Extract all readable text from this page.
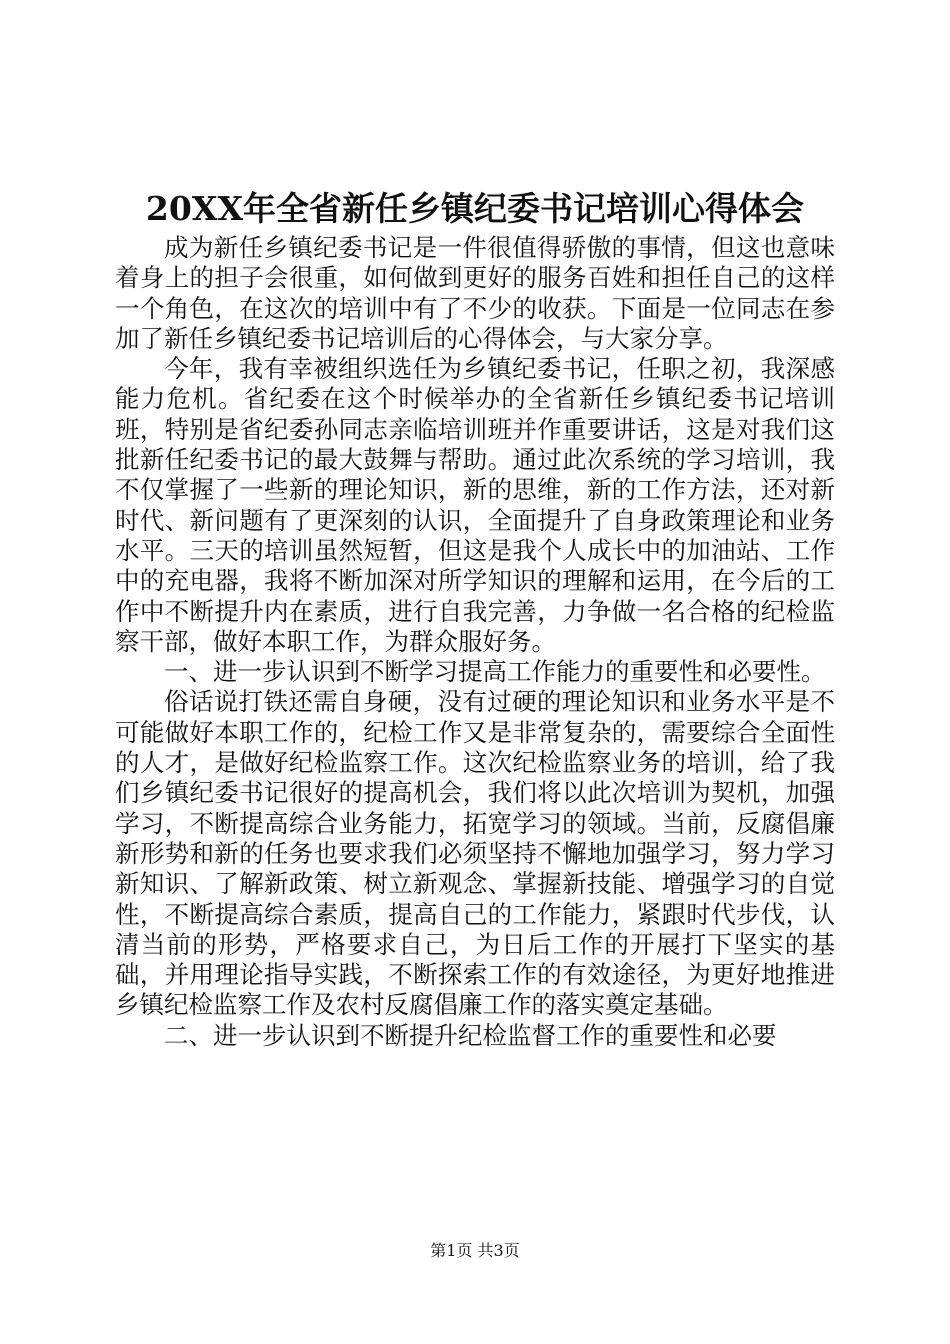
20XX年全省新任乡镇纪委书记培训心得体会

成为新任乡镇纪委书记是一件很值得骄傲的事情，但这也意味着身上的担子会很重，如何做到更好的服务百姓和担任自己的这样一个角色，在这次的培训中有了不少的收获。下面是一位同志在参加了新任乡镇纪委书记培训后的心得体会，与大家分享。

今年，我有幸被组织选任为乡镇纪委书记，任职之初，我深感能力危机。省纪委在这个时候举办的全省新任乡镇纪委书记培训班，特别是省纪委孙同志亲临培训班并作重要讲话，这是对我们这批新任纪委书记的最大鼓舞与帮助。通过此次系统的学习培训，我不仅掌握了一些新的理论知识，新的思维，新的工作方法，还对新时代、新问题有了更深刻的认识，全面提升了自身政策理论和业务水平。三天的培训虽然短暂，但这是我个人成长中的加油站、工作中的充电器，我将不断加深对所学知识的理解和运用，在今后的工作中不断提升内在素质，进行自我完善，力争做一名合格的纪检监察干部，做好本职工作，为群众服好务。

一、进一步认识到不断学习提高工作能力的重要性和必要性。

俗话说打铁还需自身硬，没有过硬的理论知识和业务水平是不可能做好本职工作的，纪检工作又是非常复杂的，需要综合全面性的人才，是做好纪检监察工作。这次纪检监察业务的培训，给了我们乡镇纪委书记很好的提高机会，我们将以此次培训为契机，加强学习，不断提高综合业务能力，拓宽学习的领域。当前，反腐倡廉新形势和新的任务也要求我们必须坚持不懈地加强学习，努力学习新知识、了解新政策、树立新观念、掌握新技能、增强学习的自觉性，不断提高综合素质，提高自己的工作能力，紧跟时代步伐，认清当前的形势，严格要求自己，为日后工作的开展打下坚实的基础，并用理论指导实践，不断探索工作的有效途径，为更好地推进乡镇纪检监察工作及农村反腐倡廉工作的落实奠定基础。

二、进一步认识到不断提升纪检监督工作的重要性和必要

第1页 共3页
